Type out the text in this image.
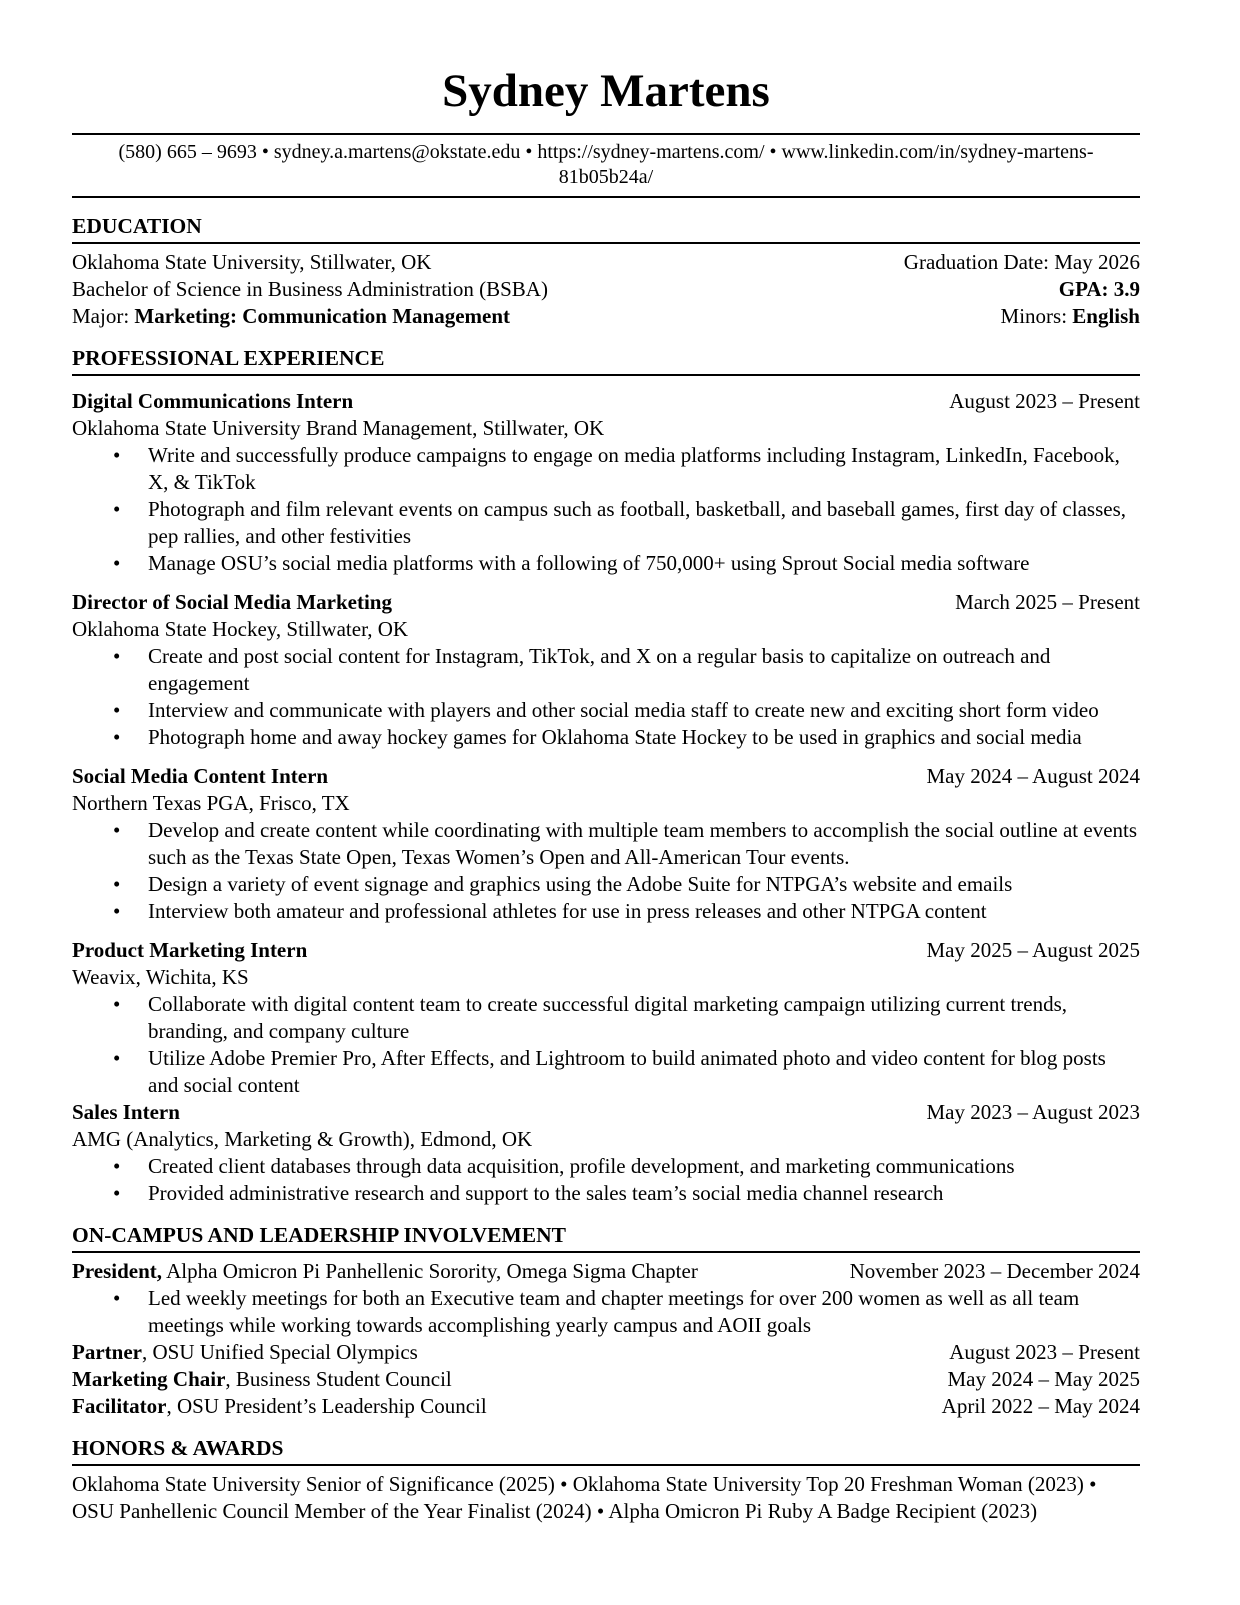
Sydney Martens
(580) 665 – 9693 • sydney.a.martens@okstate.edu • https://sydney-martens.com/ • www.linkedin.com/in/sydney-martens-81b05b24a/
EDUCATION
Oklahoma State University, Stillwater, OK	Graduation Date: May 2026
Bachelor of Science in Business Administration (BSBA)	GPA: 3.9
Major: Marketing: Communication Management	Minors: English
PROFESSIONAL EXPERIENCE
Digital Communications Intern	August 2023 – Present
Oklahoma State University Brand Management, Stillwater, OK
• Write and successfully produce campaigns to engage on media platforms including Instagram, LinkedIn, Facebook, X, & TikTok
• Photograph and film relevant events on campus such as football, basketball, and baseball games, first day of classes, pep rallies, and other festivities
• Manage OSU’s social media platforms with a following of 750,000+ using Sprout Social media software
Director of Social Media Marketing	March 2025 – Present
Oklahoma State Hockey, Stillwater, OK
• Create and post social content for Instagram, TikTok, and X on a regular basis to capitalize on outreach and engagement
• Interview and communicate with players and other social media staff to create new and exciting short form video
• Photograph home and away hockey games for Oklahoma State Hockey to be used in graphics and social media
Social Media Content Intern	May 2024 – August 2024
Northern Texas PGA, Frisco, TX
• Develop and create content while coordinating with multiple team members to accomplish the social outline at events such as the Texas State Open, Texas Women’s Open and All-American Tour events.
• Design a variety of event signage and graphics using the Adobe Suite for NTPGA’s website and emails
• Interview both amateur and professional athletes for use in press releases and other NTPGA content
Product Marketing Intern	May 2025 – August 2025
Weavix, Wichita, KS
• Collaborate with digital content team to create successful digital marketing campaign utilizing current trends, branding, and company culture
• Utilize Adobe Premier Pro, After Effects, and Lightroom to build animated photo and video content for blog posts and social content
Sales Intern	May 2023 – August 2023
AMG (Analytics, Marketing & Growth), Edmond, OK
• Created client databases through data acquisition, profile development, and marketing communications
• Provided administrative research and support to the sales team’s social media channel research
ON-CAMPUS AND LEADERSHIP INVOLVEMENT
President, Alpha Omicron Pi Panhellenic Sorority, Omega Sigma Chapter	November 2023 – December 2024
• Led weekly meetings for both an Executive team and chapter meetings for over 200 women as well as all team meetings while working towards accomplishing yearly campus and AOII goals
Partner, OSU Unified Special Olympics	August 2023 – Present
Marketing Chair, Business Student Council	May 2024 – May 2025
Facilitator, OSU President’s Leadership Council	April 2022 – May 2024
HONORS & AWARDS
Oklahoma State University Senior of Significance (2025) • Oklahoma State University Top 20 Freshman Woman (2023) • OSU Panhellenic Council Member of the Year Finalist (2024) • Alpha Omicron Pi Ruby A Badge Recipient (2023)
